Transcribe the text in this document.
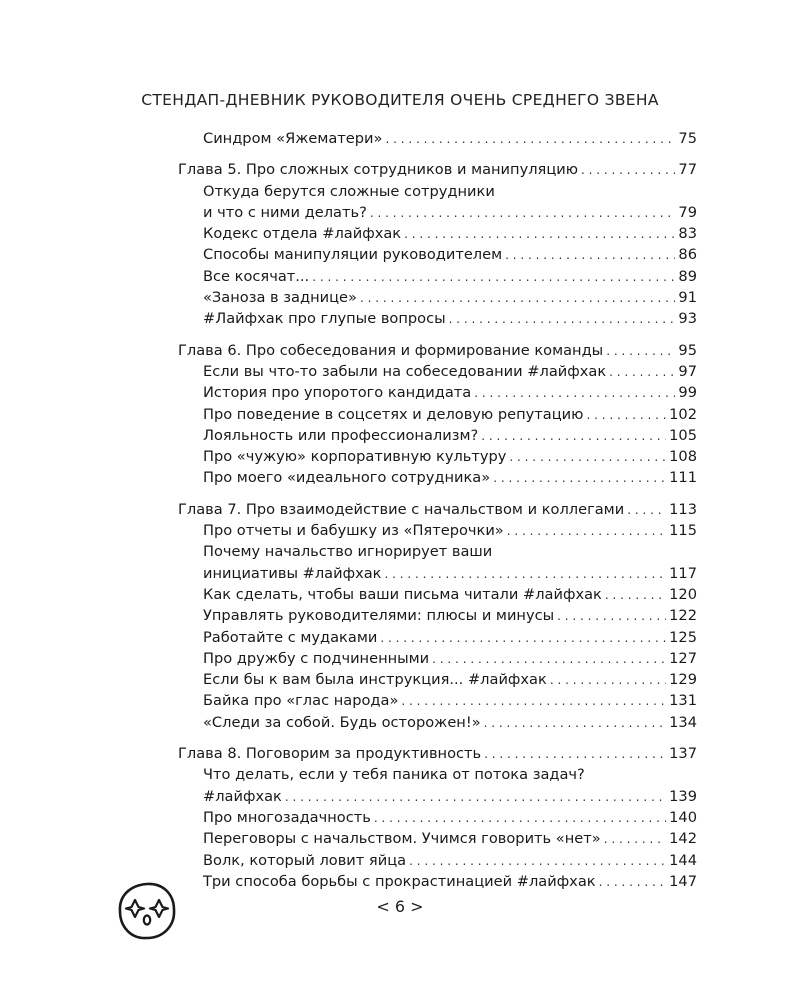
СТЕНДАП-ДНЕВНИК РУКОВОДИТЕЛЯ ОЧЕНЬ СРЕДНЕГО ЗВЕНА
Синдром «Яжематери» . . .	75
Глава 5. Про сложных сотрудников и манипуляцию . . .	77
Откуда берутся сложные сотрудники
и что с ними делать? . . .	79
Кодекс отдела #лайфхак . . .	83
Способы манипуляции руководителем . . .	86
Все косячат... . . .	89
«Заноза в заднице» . . .	91
#Лайфхак про глупые вопросы . . .	93
Глава 6. Про собеседования и формирование команды . . .	95
Если вы что-то забыли на собеседовании #лайфхак . . .	97
История про упоротого кандидата . . .	99
Про поведение в соцсетях и деловую репутацию . . .	102
Лояльность или профессионализм? . . .	105
Про «чужую» корпоративную культуру . . .	108
Про моего «идеального сотрудника» . . .	111
Глава 7. Про взаимодействие с начальством и коллегами . . .	113
Про отчеты и бабушку из «Пятерочки» . . .	115
Почему начальство игнорирует ваши
инициативы #лайфхак . . .	117
Как сделать, чтобы ваши письма читали #лайфхак . . .	120
Управлять руководителями: плюсы и минусы . . .	122
Работайте с мудаками . . .	125
Про дружбу с подчиненными . . .	127
Если бы к вам была инструкция... #лайфхак . . .	129
Байка про «глас народа» . . .	131
«Следи за собой. Будь осторожен!» . . .	134
Глава 8. Поговорим за продуктивность . . .	137
Что делать, если у тебя паника от потока задач?
#лайфхак . . .	139
Про многозадачность . . .	140
Переговоры с начальством. Учимся говорить «нет» . . .	142
Волк, который ловит яйца . . .	144
Три способа борьбы с прокрастинацией #лайфхак . . .	147
< 6 >
